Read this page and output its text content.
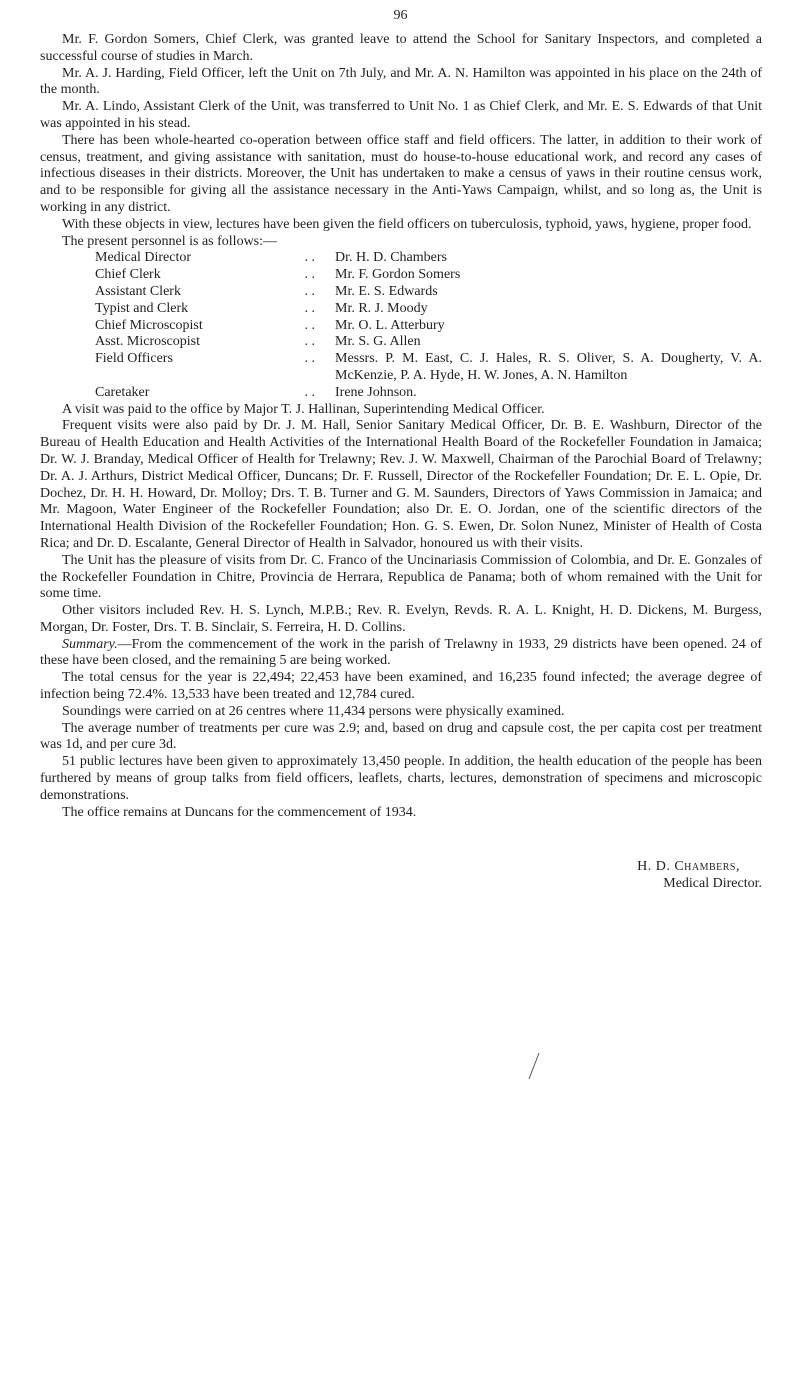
96

Mr. F. Gordon Somers, Chief Clerk, was granted leave to attend the School for Sanitary Inspectors, and completed a successful course of studies in March.

Mr. A. J. Harding, Field Officer, left the Unit on 7th July, and Mr. A. N. Hamilton was appointed in his place on the 24th of the month.

Mr. A. Lindo, Assistant Clerk of the Unit, was transferred to Unit No. 1 as Chief Clerk, and Mr. E. S. Edwards of that Unit was appointed in his stead.

There has been whole-hearted co-operation between office staff and field officers. The latter, in addition to their work of census, treatment, and giving assistance with sanitation, must do house-to-house educational work, and record any cases of infectious diseases in their districts. Moreover, the Unit has undertaken to make a census of yaws in their routine census work, and to be responsible for giving all the assistance necessary in the Anti-Yaws Campaign, whilst, and so long as, the Unit is working in any district.

With these objects in view, lectures have been given the field officers on tuberculosis, typhoid, yaws, hygiene, proper food.

The present personnel is as follows:—

Medical Director . .	Dr. H. D. Chambers
Chief Clerk . .	Mr. F. Gordon Somers
Assistant Clerk . .	Mr. E. S. Edwards
Typist and Clerk . .	Mr. R. J. Moody
Chief Microscopist . .	Mr. O. L. Atterbury
Asst. Microscopist . .	Mr. S. G. Allen
Field Officers . .	Messrs. P. M. East, C. J. Hales, R. S. Oliver, S. A. Dougherty, V. A. McKenzie, P. A. Hyde, H. W. Jones, A. N. Hamilton
Caretaker . .	Irene Johnson.

A visit was paid to the office by Major T. J. Hallinan, Superintending Medical Officer.

Frequent visits were also paid by Dr. J. M. Hall, Senior Sanitary Medical Officer, Dr. B. E. Washburn, Director of the Bureau of Health Education and Health Activities of the International Health Board of the Rockefeller Foundation in Jamaica; Dr. W. J. Branday, Medical Officer of Health for Trelawny; Rev. J. W. Maxwell, Chairman of the Parochial Board of Trelawny; Dr. A. J. Arthurs, District Medical Officer, Duncans; Dr. F. Russell, Director of the Rockefeller Foundation; Dr. E. L. Opie, Dr. Dochez, Dr. H. H. Howard, Dr. Molloy; Drs. T. B. Turner and G. M. Saunders, Directors of Yaws Commission in Jamaica; and Mr. Magoon, Water Engineer of the Rockefeller Foundation; also Dr. E. O. Jordan, one of the scientific directors of the International Health Division of the Rockefeller Foundation; Hon. G. S. Ewen, Dr. Solon Nunez, Minister of Health of Costa Rica; and Dr. D. Escalante, General Director of Health in Salvador, honoured us with their visits.

The Unit has the pleasure of visits from Dr. C. Franco of the Uncinariasis Commission of Colombia, and Dr. E. Gonzales of the Rockefeller Foundation in Chitre, Provincia de Herrara, Republica de Panama; both of whom remained with the Unit for some time.

Other visitors included Rev. H. S. Lynch, M.P.B.; Rev. R. Evelyn, Revds. R. A. L. Knight, H. D. Dickens, M. Burgess, Morgan, Dr. Foster, Drs. T. B. Sinclair, S. Ferreira, H. D. Collins.

Summary.—From the commencement of the work in the parish of Trelawny in 1933, 29 districts have been opened. 24 of these have been closed, and the remaining 5 are being worked.

The total census for the year is 22,494; 22,453 have been examined, and 16,235 found infected; the average degree of infection being 72.4%. 13,533 have been treated and 12,784 cured.

Soundings were carried on at 26 centres where 11,434 persons were physically examined.

The average number of treatments per cure was 2.9; and, based on drug and capsule cost, the per capita cost per treatment was 1d, and per cure 3d.

51 public lectures have been given to approximately 13,450 people. In addition, the health education of the people has been furthered by means of group talks from field officers, leaflets, charts, lectures, demonstration of specimens and microscopic demonstrations.

The office remains at Duncans for the commencement of 1934.

H. D. Chambers,
Medical Director.
